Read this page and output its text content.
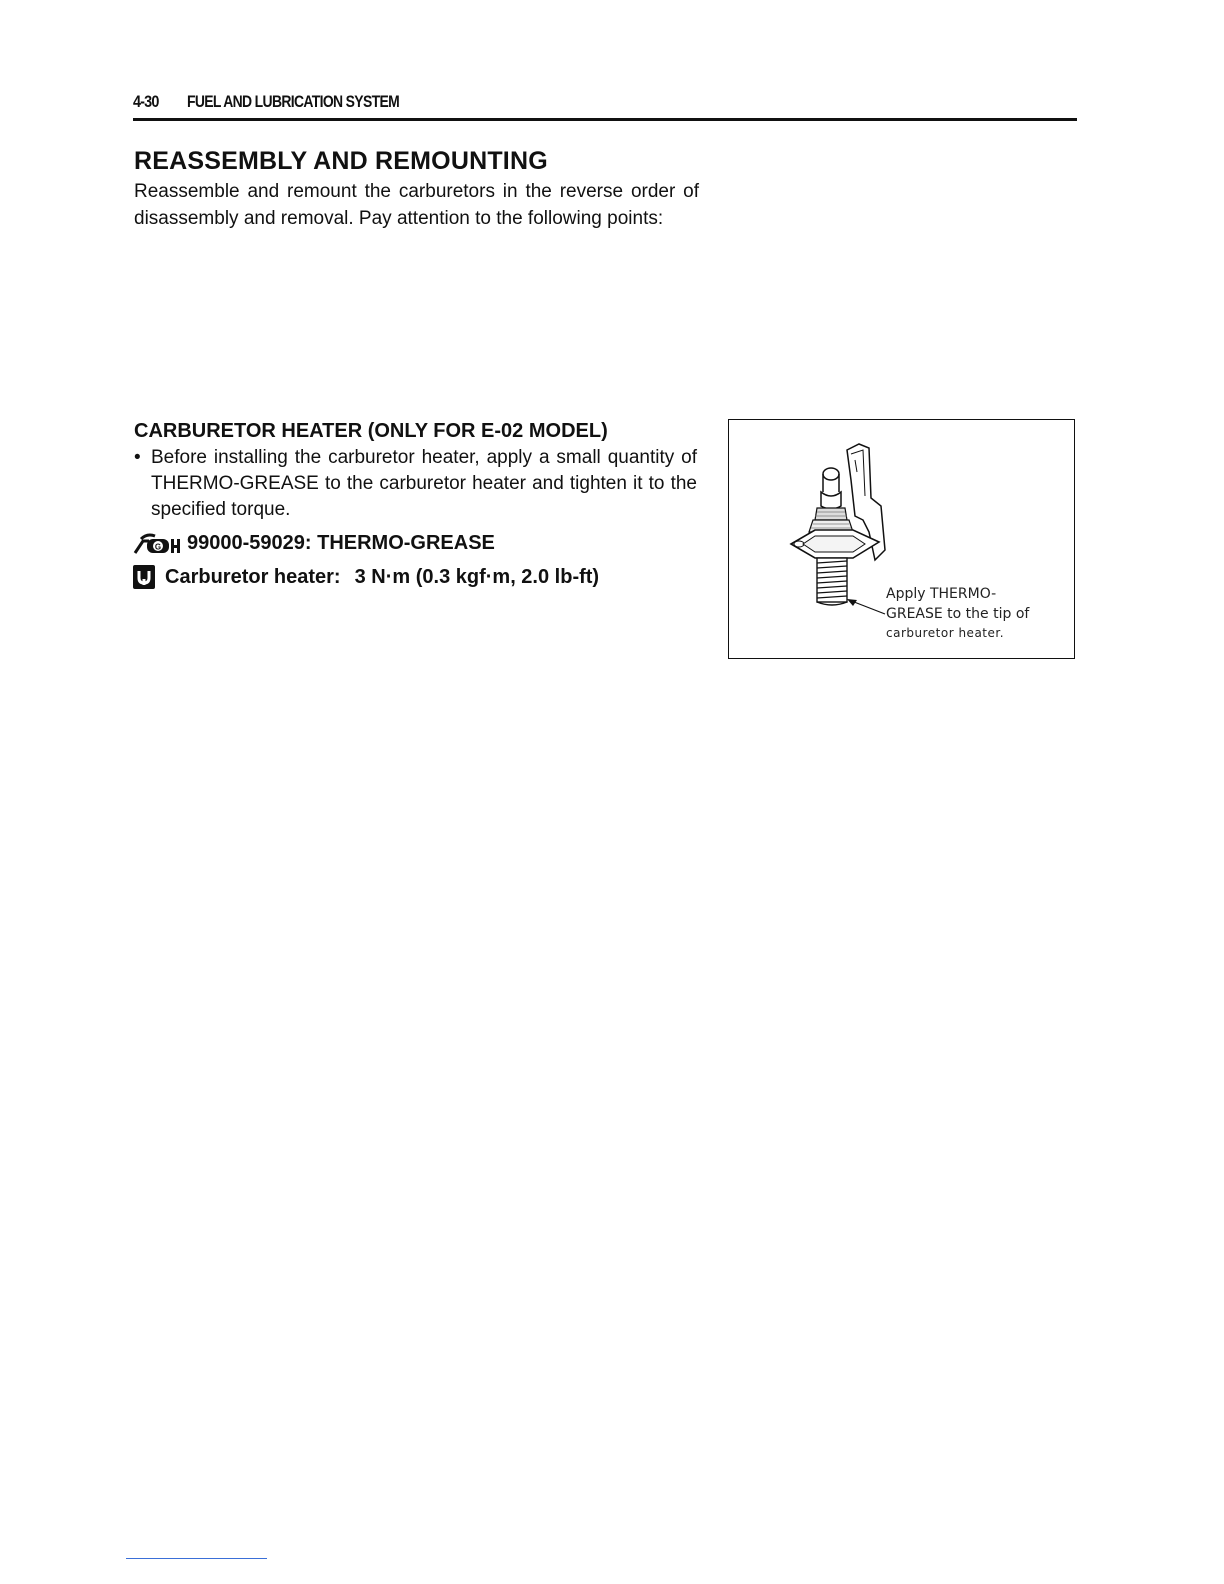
4-30 FUEL AND LUBRICATION SYSTEM
REASSEMBLY AND REMOUNTING
Reassemble and remount the carburetors in the reverse order of disassembly and removal. Pay attention to the following points:
CARBURETOR HEATER (ONLY FOR E-02 MODEL)
• Before installing the carburetor heater, apply a small quantity of THERMO-GREASE to the carburetor heater and tighten it to the specified torque.
G 99000-59029: THERMO-GREASE
Carburetor heater: 3 N·m (0.3 kgf·m, 2.0 lb-ft)
Apply THERMO-
GREASE to the tip of
carburetor heater.
